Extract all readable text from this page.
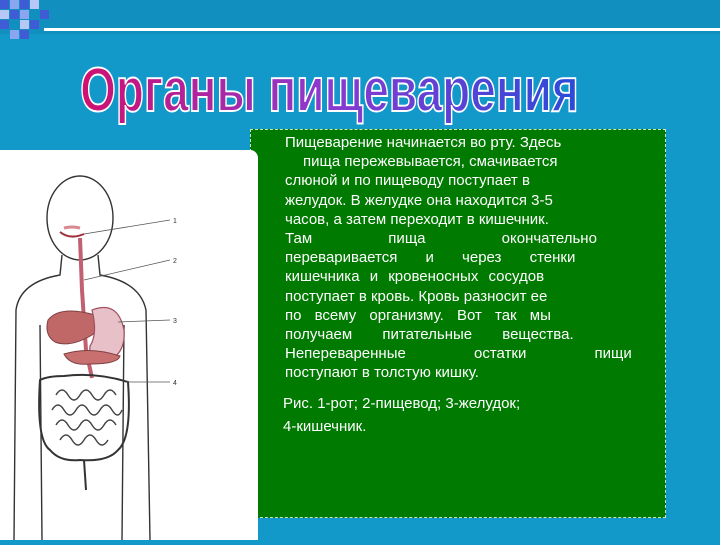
1
2
3
4
Органы пищеварения
Пищеварение начинается во рту. Здесь
пища пережевывается, смачивается
слюной и по пищеводу поступает в
желудок. В желудке она находится 3-5
часов, а затем переходит в кишечник.
Там пища окончательно
переваривается и через стенки
кишечника и кровеносных сосудов
поступает в кровь. Кровь разносит ее
по всему организму. Вот так мы
получаем питательные вещества.
Непереваренные остатки пищи
поступают в толстую кишку.
Рис. 1-рот; 2-пищевод; 3-желудок;
4-кишечник.
